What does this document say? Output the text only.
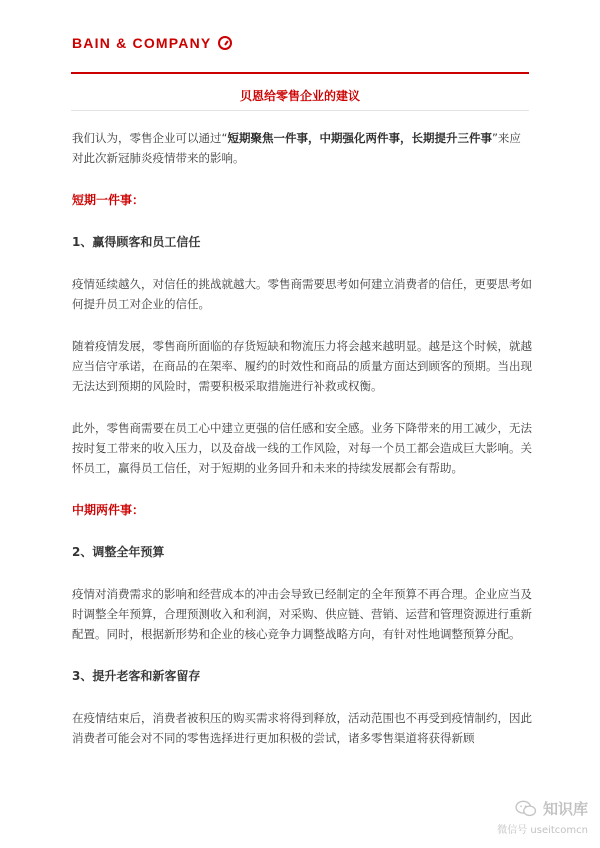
BAIN & COMPANY
贝恩给零售企业的建议

我们认为，零售企业可以通过“短期聚焦一件事，中期强化两件事，长期提升三件事”来应对此次新冠肺炎疫情带来的影响。

短期一件事：
1、赢得顾客和员工信任

疫情延续越久，对信任的挑战就越大。零售商需要思考如何建立消费者的信任，更要思考如何提升员工对企业的信任。

随着疫情发展，零售商所面临的存货短缺和物流压力将会越来越明显。越是这个时候，就越应当信守承诺，在商品的在架率、履约的时效性和商品的质量方面达到顾客的预期。当出现无法达到预期的风险时，需要积极采取措施进行补救或权衡。

此外，零售商需要在员工心中建立更强的信任感和安全感。业务下降带来的用工减少，无法按时复工带来的收入压力，以及奋战一线的工作风险，对每一个员工都会造成巨大影响。关怀员工，赢得员工信任，对于短期的业务回升和未来的持续发展都会有帮助。

中期两件事：
2、调整全年预算

疫情对消费需求的影响和经营成本的冲击会导致已经制定的全年预算不再合理。企业应当及时调整全年预算，合理预测收入和利润，对采购、供应链、营销、运营和管理资源进行重新配置。同时，根据新形势和企业的核心竞争力调整战略方向，有针对性地调整预算分配。

3、提升老客和新客留存

在疫情结束后，消费者被积压的购买需求将得到释放，活动范围也不再受到疫情制约，因此消费者可能会对不同的零售选择进行更加积极的尝试，诸多零售渠道将获得新顾

知识库
微信号 useitcomcn
